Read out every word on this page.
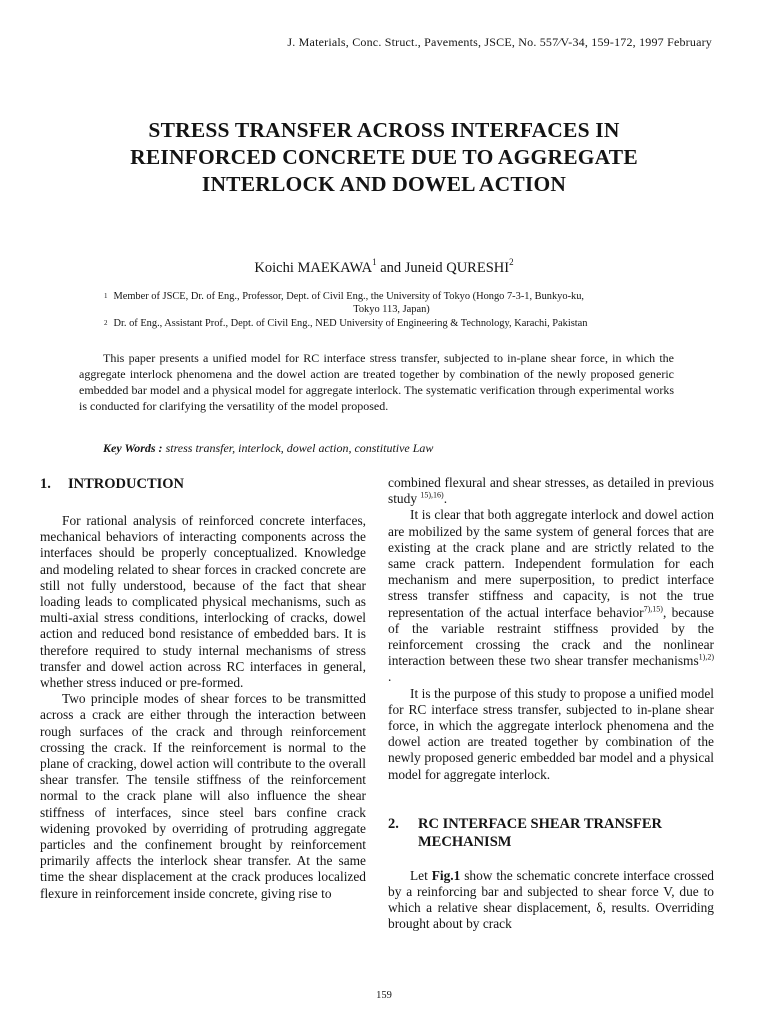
J. Materials, Conc. Struct., Pavements, JSCE, No. 557∕V-34, 159-172, 1997 February
STRESS TRANSFER ACROSS INTERFACES IN
REINFORCED CONCRETE DUE TO AGGREGATE
INTERLOCK AND DOWEL ACTION
Koichi MAEKAWA$^1$ and Juneid QURESHI$^2$
$^1$ Member of JSCE, Dr. of Eng., Professor, Dept. of Civil Eng., the University of Tokyo (Hongo 7-3-1, Bunkyo-ku,
Tokyo 113, Japan)
$^2$ Dr. of Eng., Assistant Prof., Dept. of Civil Eng., NED University of Engineering & Technology, Karachi, Pakistan

This paper presents a unified model for RC interface stress transfer, subjected to in-plane shear force, in which the aggregate interlock phenomena and the dowel action are treated together by combination of the newly proposed generic embedded bar model and a physical model for aggregate interlock. The systematic verification through experimental works is conducted for clarifying the versatility of the model proposed.

Key Words : stress transfer, interlock, dowel action, constitutive Law
1. INTRODUCTION

For rational analysis of reinforced concrete interfaces, mechanical behaviors of interacting components across the interfaces should be properly conceptualized. Knowledge and modeling related to shear forces in cracked concrete are still not fully understood, because of the fact that shear loading leads to complicated physical mechanisms, such as multi-axial stress conditions, interlocking of cracks, dowel action and reduced bond resistance of embedded bars. It is therefore required to study internal mechanisms of stress transfer and dowel action across RC interfaces in general, whether stress induced or pre-formed.

Two principle modes of shear forces to be transmitted across a crack are either through the interaction between rough surfaces of the crack and through reinforcement crossing the crack. If the reinforcement is normal to the plane of cracking, dowel action will contribute to the overall shear transfer. The tensile stiffness of the reinforcement normal to the crack plane will also influence the shear stiffness of interfaces, since steel bars confine crack widening provoked by overriding of protruding aggregate particles and the confinement brought by reinforcement primarily affects the interlock shear transfer. At the same time the shear displacement at the crack produces localized flexure in reinforcement inside concrete, giving rise to

combined flexural and shear stresses, as detailed in previous study $^{15),16)}$.

It is clear that both aggregate interlock and dowel action are mobilized by the same system of general forces that are existing at the crack plane and are strictly related to the same crack pattern. Independent formulation for each mechanism and mere superposition, to predict interface stress transfer stiffness and capacity, is not the true representation of the actual interface behavior$^{7),15)}$, because of the variable restraint stiffness provided by the reinforcement crossing the crack and the nonlinear interaction between these two shear transfer mechanisms$^{1),2)}$ .

It is the purpose of this study to propose a unified model for RC interface stress transfer, subjected to in-plane shear force, in which the aggregate interlock phenomena and the dowel action are treated together by combination of the newly proposed generic embedded bar model and a physical model for aggregate interlock.

2.	RC INTERFACE SHEAR TRANSFER MECHANISM

Let Fig.1 show the schematic concrete interface crossed by a reinforcing bar and subjected to shear force V, due to which a relative shear displacement, δ, results. Overriding brought about by crack

159
